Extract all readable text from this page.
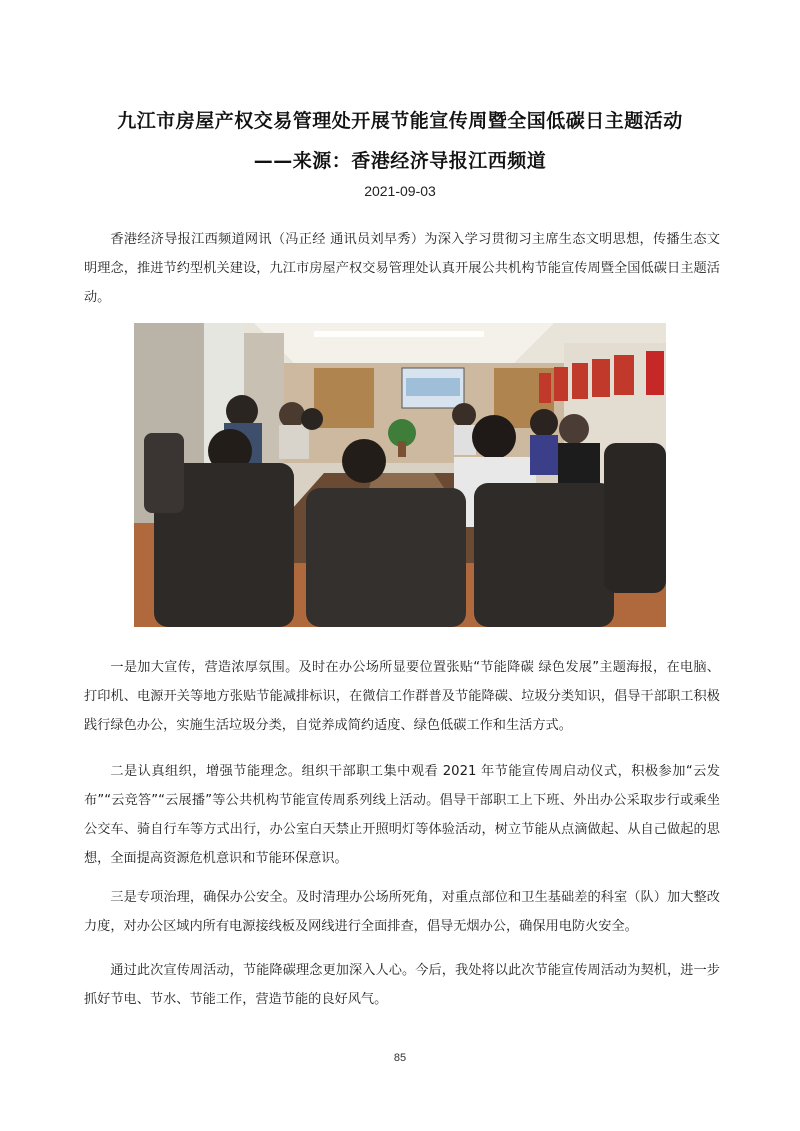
九江市房屋产权交易管理处开展节能宣传周暨全国低碳日主题活动
——来源：香港经济导报江西频道
2021-09-03
香港经济导报江西频道网讯（冯正经 通讯员刘早秀）为深入学习贯彻习主席生态文明思想，传播生态文明理念，推进节约型机关建设，九江市房屋产权交易管理处认真开展公共机构节能宣传周暨全国低碳日主题活动。
一是加大宣传，营造浓厚氛围。及时在办公场所显要位置张贴“节能降碳 绿色发展”主题海报，在电脑、打印机、电源开关等地方张贴节能减排标识，在微信工作群普及节能降碳、垃圾分类知识，倡导干部职工积极践行绿色办公，实施生活垃圾分类，自觉养成简约适度、绿色低碳工作和生活方式。
二是认真组织，增强节能理念。组织干部职工集中观看 2021 年节能宣传周启动仪式，积极参加“云发布”“云竞答”“云展播”等公共机构节能宣传周系列线上活动。倡导干部职工上下班、外出办公采取步行或乘坐公交车、骑自行车等方式出行，办公室白天禁止开照明灯等体验活动，树立节能从点滴做起、从自己做起的思想，全面提高资源危机意识和节能环保意识。
三是专项治理，确保办公安全。及时清理办公场所死角，对重点部位和卫生基础差的科室（队）加大整改力度，对办公区域内所有电源接线板及网线进行全面排查，倡导无烟办公，确保用电防火安全。
通过此次宣传周活动，节能降碳理念更加深入人心。今后，我处将以此次节能宣传周活动为契机，进一步抓好节电、节水、节能工作，营造节能的良好风气。
85
